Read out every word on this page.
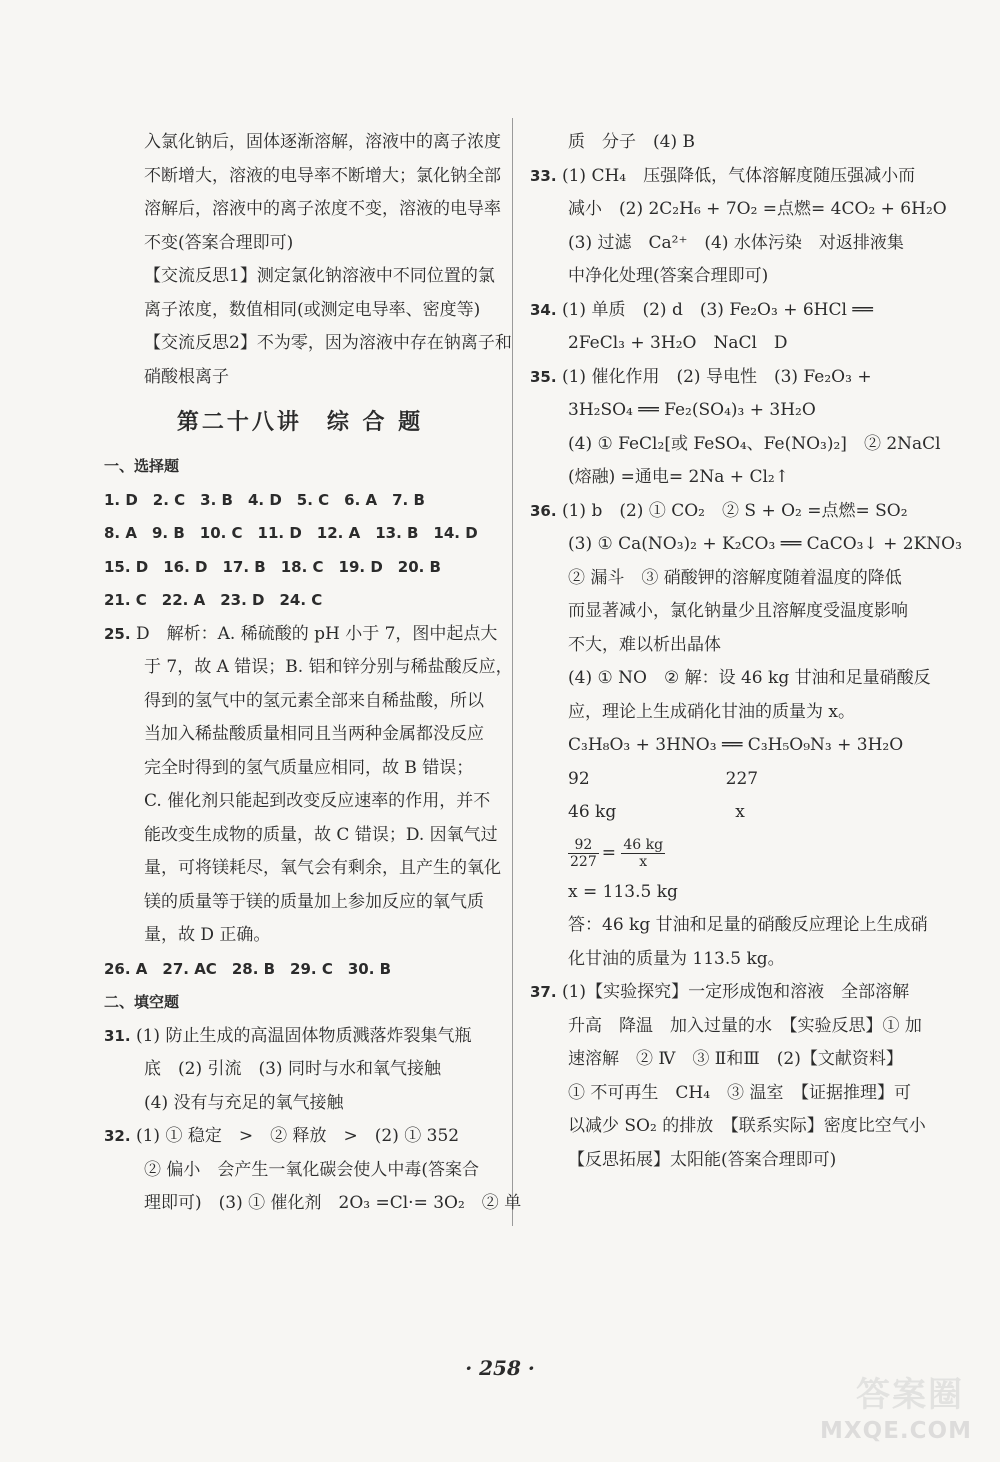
入氯化钠后，固体逐渐溶解，溶液中的离子浓度
不断增大，溶液的电导率不断增大；氯化钠全部
溶解后，溶液中的离子浓度不变，溶液的电导率
不变(答案合理即可)
【交流反思1】测定氯化钠溶液中不同位置的氯
离子浓度，数值相同(或测定电导率、密度等)
【交流反思2】不为零，因为溶液中存在钠离子和
硝酸根离子
第二十八讲　综 合 题
一、选择题
1. D　2. C　3. B　4. D　5. C　6. A　7. B
8. A　9. B　10. C　11. D　12. A　13. B　14. D
15. D　16. D　17. B　18. C　19. D　20. B
21. C　22. A　23. D　24. C
25. D　解析：A. 稀硫酸的 pH 小于 7，图中起点大
于 7，故 A 错误；B. 铝和锌分别与稀盐酸反应，
得到的氢气中的氢元素全部来自稀盐酸，所以
当加入稀盐酸质量相同且当两种金属都没反应
完全时得到的氢气质量应相同，故 B 错误；
C. 催化剂只能起到改变反应速率的作用，并不
能改变生成物的质量，故 C 错误；D. 因氧气过
量，可将镁耗尽，氧气会有剩余，且产生的氧化
镁的质量等于镁的质量加上参加反应的氧气质
量，故 D 正确。
26. A　27. AC　28. B　29. C　30. B
二、填空题
31. (1) 防止生成的高温固体物质溅落炸裂集气瓶
底　(2) 引流　(3) 同时与水和氧气接触
(4) 没有与充足的氧气接触
32. (1) ① 稳定　>　② 释放　>　(2) ① 352
② 偏小　会产生一氧化碳会使人中毒(答案合
理即可)　(3) ① 催化剂　2O₃ =Cl·= 3O₂　② 单
质　分子　(4) B
33. (1) CH₄　压强降低，气体溶解度随压强减小而
减小　(2) 2C₂H₆ + 7O₂ =点燃= 4CO₂ + 6H₂O
(3) 过滤　Ca²⁺　(4) 水体污染　对返排液集
中净化处理(答案合理即可)
34. (1) 单质　(2) d　(3) Fe₂O₃ + 6HCl ══
2FeCl₃ + 3H₂O　NaCl　D
35. (1) 催化作用　(2) 导电性　(3) Fe₂O₃ +
3H₂SO₄ ══ Fe₂(SO₄)₃ + 3H₂O
(4) ① FeCl₂[或 FeSO₄、Fe(NO₃)₂]　② 2NaCl
(熔融) =通电= 2Na + Cl₂↑
36. (1) b　(2) ① CO₂　② S + O₂ =点燃= SO₂
(3) ① Ca(NO₃)₂ + K₂CO₃ ══ CaCO₃↓ + 2KNO₃
② 漏斗　③ 硝酸钾的溶解度随着温度的降低
而显著减小，氯化钠量少且溶解度受温度影响
不大，难以析出晶体
(4) ① NO　② 解：设 46 kg 甘油和足量硝酸反
应，理论上生成硝化甘油的质量为 x。
C₃H₈O₃ + 3HNO₃ ══ C₃H₅O₉N₃ + 3H₂O
92　　　　　　　　227
46 kg　　　　　　　x
$\frac{92}{227} = \frac{46 kg}{x}$
x = 113.5 kg
答：46 kg 甘油和足量的硝酸反应理论上生成硝
化甘油的质量为 113.5 kg。
37. (1)【实验探究】一定形成饱和溶液　全部溶解
升高　降温　加入过量的水　【实验反思】① 加
速溶解　② Ⅳ　③ Ⅱ和Ⅲ　(2)【文献资料】
① 不可再生　CH₄　③ 温室　【证据推理】可
以减少 SO₂ 的排放　【联系实际】密度比空气小
【反思拓展】太阳能(答案合理即可)
· 258 ·
答案圈
MXQE.COM
